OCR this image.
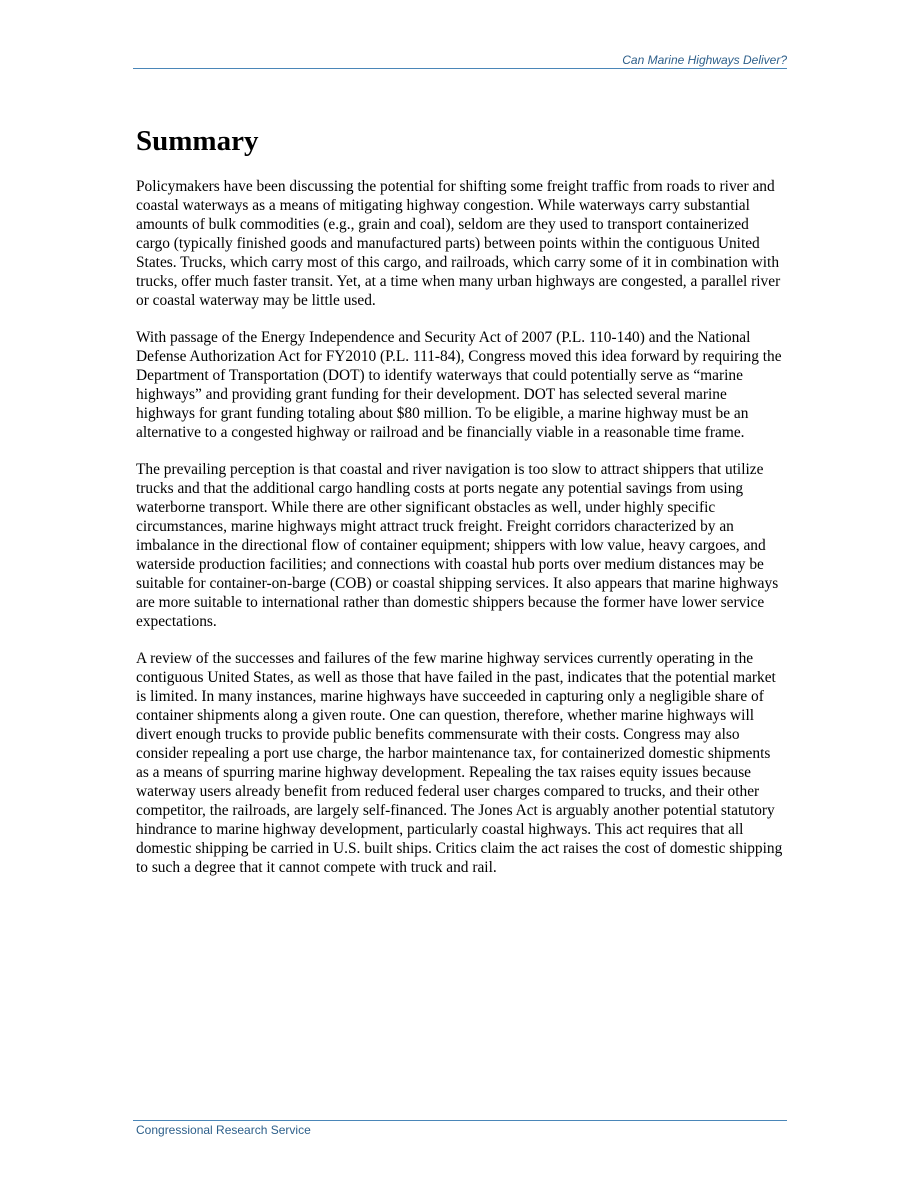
Can Marine Highways Deliver?
Summary

Policymakers have been discussing the potential for shifting some freight traffic from roads to river and coastal waterways as a means of mitigating highway congestion. While waterways carry substantial amounts of bulk commodities (e.g., grain and coal), seldom are they used to transport containerized cargo (typically finished goods and manufactured parts) between points within the contiguous United States. Trucks, which carry most of this cargo, and railroads, which carry some of it in combination with trucks, offer much faster transit. Yet, at a time when many urban highways are congested, a parallel river or coastal waterway may be little used.

With passage of the Energy Independence and Security Act of 2007 (P.L. 110-140) and the National Defense Authorization Act for FY2010 (P.L. 111-84), Congress moved this idea forward by requiring the Department of Transportation (DOT) to identify waterways that could potentially serve as “marine highways” and providing grant funding for their development. DOT has selected several marine highways for grant funding totaling about $80 million. To be eligible, a marine highway must be an alternative to a congested highway or railroad and be financially viable in a reasonable time frame.

The prevailing perception is that coastal and river navigation is too slow to attract shippers that utilize trucks and that the additional cargo handling costs at ports negate any potential savings from using waterborne transport. While there are other significant obstacles as well, under highly specific circumstances, marine highways might attract truck freight. Freight corridors characterized by an imbalance in the directional flow of container equipment; shippers with low value, heavy cargoes, and waterside production facilities; and connections with coastal hub ports over medium distances may be suitable for container-on-barge (COB) or coastal shipping services. It also appears that marine highways are more suitable to international rather than domestic shippers because the former have lower service expectations.

A review of the successes and failures of the few marine highway services currently operating in the contiguous United States, as well as those that have failed in the past, indicates that the potential market is limited. In many instances, marine highways have succeeded in capturing only a negligible share of container shipments along a given route. One can question, therefore, whether marine highways will divert enough trucks to provide public benefits commensurate with their costs. Congress may also consider repealing a port use charge, the harbor maintenance tax, for containerized domestic shipments as a means of spurring marine highway development. Repealing the tax raises equity issues because waterway users already benefit from reduced federal user charges compared to trucks, and their other competitor, the railroads, are largely self-financed. The Jones Act is arguably another potential statutory hindrance to marine highway development, particularly coastal highways. This act requires that all domestic shipping be carried in U.S. built ships. Critics claim the act raises the cost of domestic shipping to such a degree that it cannot compete with truck and rail.

Congressional Research Service
